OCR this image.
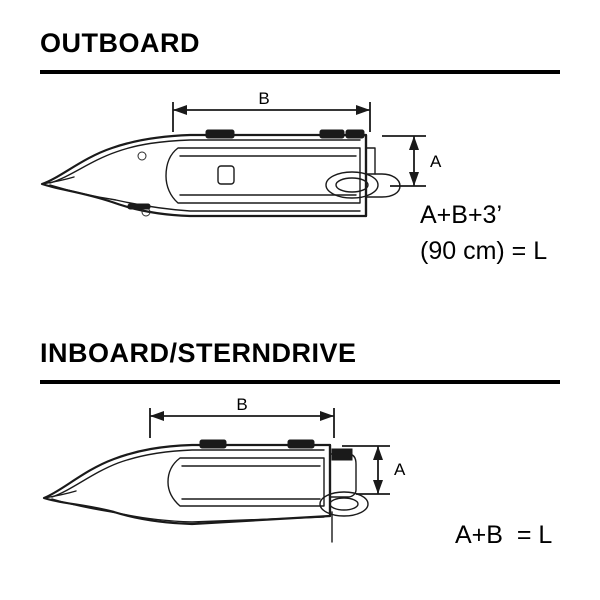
OUTBOARD
B
A
A+B+3’
(90 cm) = L
INBOARD/STERNDRIVE
B
A
A+B  = L
